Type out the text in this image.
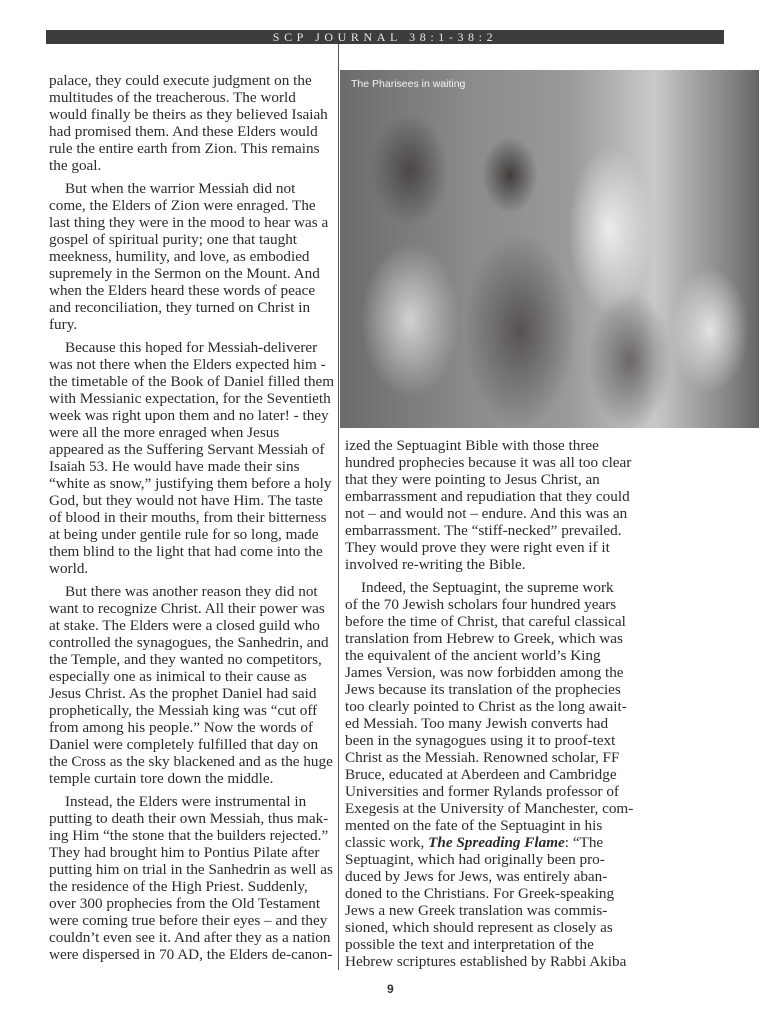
SCP JOURNAL 38:1-38:2
The Pharisees in waiting
palace, they could execute judgment on the
multitudes of the treacherous. The world
would finally be theirs as they believed Isaiah
had promised them. And these Elders would
rule the entire earth from Zion. This remains
the goal.
But when the warrior Messiah did not
come, the Elders of Zion were enraged. The
last thing they were in the mood to hear was a
gospel of spiritual purity; one that taught
meekness, humility, and love, as embodied
supremely in the Sermon on the Mount. And
when the Elders heard these words of peace
and reconciliation, they turned on Christ in
fury.
Because this hoped for Messiah-deliverer
was not there when the Elders expected him -
the timetable of the Book of Daniel filled them
with Messianic expectation, for the Seventieth
week was right upon them and no later! - they
were all the more enraged when Jesus
appeared as the Suffering Servant Messiah of
Isaiah 53. He would have made their sins
“white as snow,” justifying them before a holy
God, but they would not have Him. The taste
of blood in their mouths, from their bitterness
at being under gentile rule for so long, made
them blind to the light that had come into the
world.
But there was another reason they did not
want to recognize Christ. All their power was
at stake. The Elders were a closed guild who
controlled the synagogues, the Sanhedrin, and
the Temple, and they wanted no competitors,
especially one as inimical to their cause as
Jesus Christ. As the prophet Daniel had said
prophetically, the Messiah king was “cut off
from among his people.” Now the words of
Daniel were completely fulfilled that day on
the Cross as the sky blackened and as the huge
temple curtain tore down the middle.
Instead, the Elders were instrumental in
putting to death their own Messiah, thus mak-
ing Him “the stone that the builders rejected.”
They had brought him to Pontius Pilate after
putting him on trial in the Sanhedrin as well as
the residence of the High Priest. Suddenly,
over 300 prophecies from the Old Testament
were coming true before their eyes – and they
couldn’t even see it. And after they as a nation
were dispersed in 70 AD, the Elders de-canon-
ized the Septuagint Bible with those three
hundred prophecies because it was all too clear
that they were pointing to Jesus Christ, an
embarrassment and repudiation that they could
not – and would not – endure. And this was an
embarrassment. The “stiff-necked” prevailed.
They would prove they were right even if it
involved re-writing the Bible.
Indeed, the Septuagint, the supreme work
of the 70 Jewish scholars four hundred years
before the time of Christ, that careful classical
translation from Hebrew to Greek, which was
the equivalent of the ancient world’s King
James Version, was now forbidden among the
Jews because its translation of the prophecies
too clearly pointed to Christ as the long await-
ed Messiah. Too many Jewish converts had
been in the synagogues using it to proof-text
Christ as the Messiah. Renowned scholar, FF
Bruce, educated at Aberdeen and Cambridge
Universities and former Rylands professor of
Exegesis at the University of Manchester, com-
mented on the fate of the Septuagint in his
classic work, The Spreading Flame: “The
Septuagint, which had originally been pro-
duced by Jews for Jews, was entirely aban-
doned to the Christians. For Greek-speaking
Jews a new Greek translation was commis-
sioned, which should represent as closely as
possible the text and interpretation of the
Hebrew scriptures established by Rabbi Akiba
9
